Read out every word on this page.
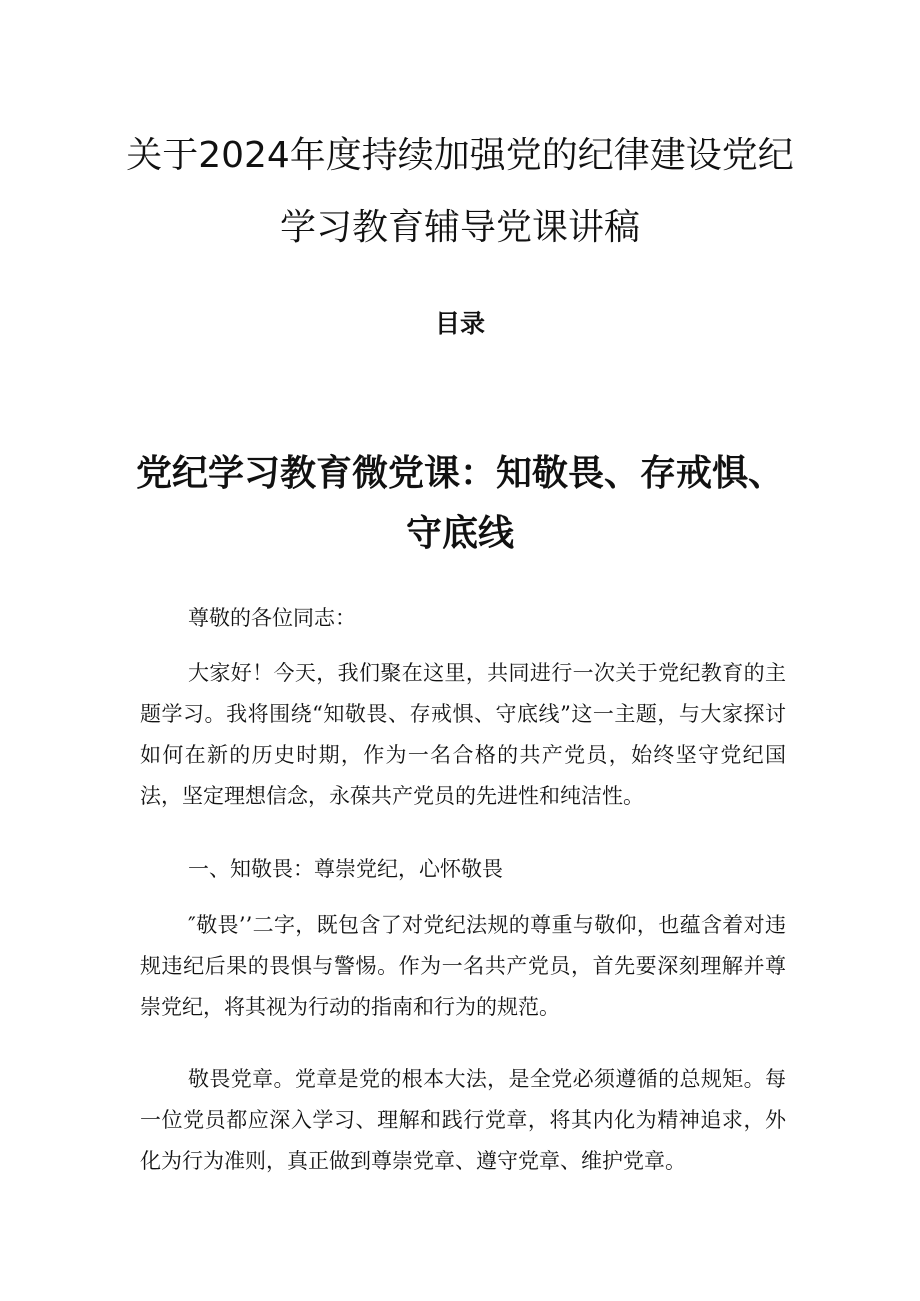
关于2024年度持续加强党的纪律建设党纪
学习教育辅导党课讲稿
目录
党纪学习教育微党课：知敬畏、存戒惧、
守底线

尊敬的各位同志：

大家好！今天，我们聚在这里，共同进行一次关于党纪教育的主题学习。我将围绕“知敬畏、存戒惧、守底线”这一主题，与大家探讨如何在新的历史时期，作为一名合格的共产党员，始终坚守党纪国法，坚定理想信念，永葆共产党员的先进性和纯洁性。

一、知敬畏：尊崇党纪，心怀敬畏

″敬畏’’二字，既包含了对党纪法规的尊重与敬仰，也蕴含着对违规违纪后果的畏惧与警惕。作为一名共产党员，首先要深刻理解并尊崇党纪，将其视为行动的指南和行为的规范。

敬畏党章。党章是党的根本大法，是全党必须遵循的总规矩。每一位党员都应深入学习、理解和践行党章，将其内化为精神追求，外化为行为准则，真正做到尊崇党章、遵守党章、维护党章。
